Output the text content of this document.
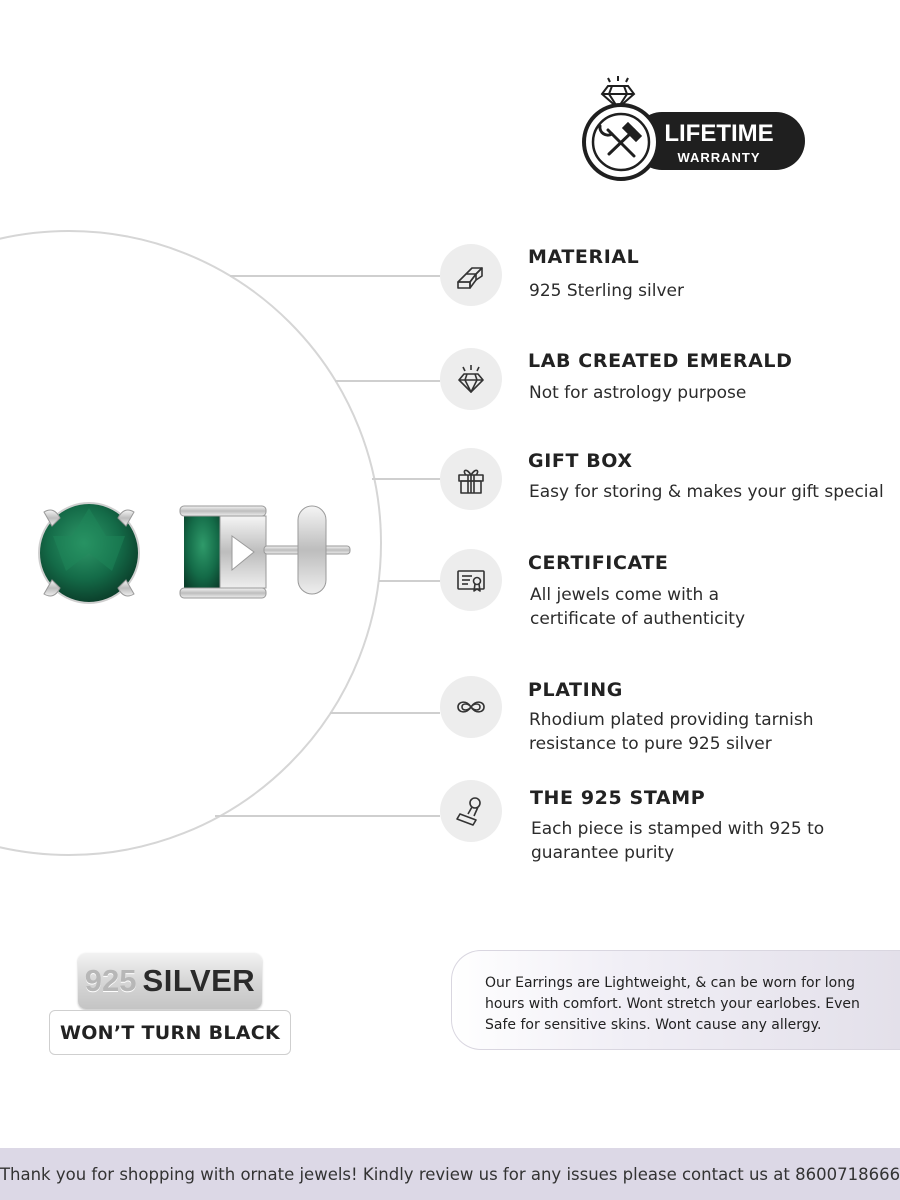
LIFETIME
WARRANTY
MATERIAL
925 Sterling silver
LAB CREATED EMERALD
Not for astrology purpose
GIFT BOX
Easy for storing & makes your gift special
CERTIFICATE
All jewels come with a
certificate of authenticity
PLATING
Rhodium plated providing tarnish
resistance to pure 925 silver
THE 925 STAMP
Each piece is stamped with 925 to
guarantee purity
925 SILVER
WON’T TURN BLACK
Our Earrings are Lightweight, & can be worn for long
hours with comfort. Wont stretch your earlobes. Even
Safe for sensitive skins. Wont cause any allergy.
Thank you for shopping with ornate jewels! Kindly review us for any issues please contact us at 8600718666
